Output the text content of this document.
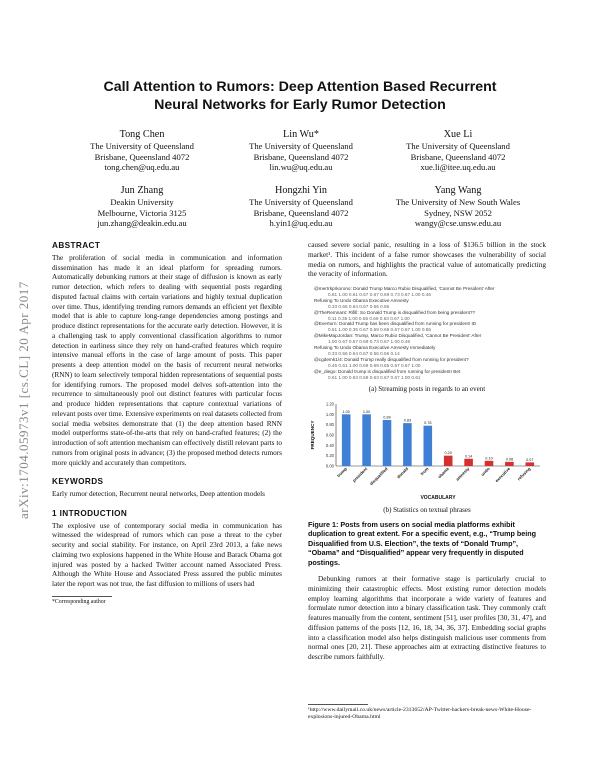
arXiv:1704.05973v1 [cs.CL] 20 Apr 2017
Call Attention to Rumors: Deep Attention Based Recurrent
Neural Networks for Early Rumor Detection
Tong Chen
The University of Queensland
Brisbane, Queensland 4072
tong.chen@uq.edu.au
Lin Wu*
The University of Queensland
Brisbane, Queensland 4072
lin.wu@uq.edu.au
Xue Li
The University of Queensland
Brisbane, Queensland 4072
xue.li@itee.uq.edu.au
Jun Zhang
Deakin University
Melbourne, Victoria 3125
jun.zhang@deakin.edu.au
Hongzhi Yin
The University of Queensland
Brisbane, Queensland 4072
h.yin1@uq.edu.au
Yang Wang
The University of New South Wales
Sydney, NSW 2052
wangy@cse.unsw.edu.au
ABSTRACT

The proliferation of social media in communication and information dissemination has made it an ideal platform for spreading rumors. Automatically debunking rumors at their stage of diffusion is known as early rumor detection, which refers to dealing with sequential posts regarding disputed factual claims with certain variations and highly textual duplication over time. Thus, identifying trending rumors demands an efficient yet flexible model that is able to capture long-range dependencies among postings and produce distinct representations for the accurate early detection. However, it is a challenging task to apply conventional classification algorithms to rumor detection in earliness since they rely on hand-crafted features which require intensive manual efforts in the case of large amount of posts. This paper presents a deep attention model on the basis of recurrent neural networks (RNN) to learn selectively temporal hidden representations of sequential posts for identifying rumors. The proposed model delves soft-attention into the recurrence to simultaneously pool out distinct features with particular focus and produce hidden representations that capture contextual variations of relevant posts over time. Extensive experiments on real datasets collected from social media websites demonstrate that (1) the deep attention based RNN model outperforms state-of-the-arts that rely on hand-crafted features; (2) the introduction of soft attention mechanism can effectively distill relevant parts to rumors from original posts in advance; (3) the proposed method detects rumors more quickly and accurately than competitors.

KEYWORDS

Early rumor detection, Recurrent neural networks, Deep attention models

1 INTRODUCTION

The explosive use of contemporary social media in communication has witnessed the widespread of rumors which can pose a threat to the cyber security and social stability. For instance, on April 23rd 2013, a fake news claiming two explosions happened in the White House and Barack Obama got injured was posted by a hacked Twitter account named Associated Press. Although the White House and Associated Press assured the public minutes later the report was not true, the fast diffusion to millions of users had

*Corresponding author

caused severe social panic, resulting in a loss of $136.5 billion in the stock market¹. This incident of a false rumor showcases the vulnerability of social media on rumors, and highlights the practical value of automatically predicting the veracity of information.

@mertrkprkorono: Donald Trump Marco Rubio Disqualified, 'Cannot Be President' After
0.81 1.00 0.61 0.67 0.67 0.69 0.73 0.67 1.00 0.46
Refusing To Undo Obama Executive Amnesty
0.33 0.56 0.64 0.67 0.56 0.56
@TheRemnant: Rifill: So Donald Trump is disqualified from being president??
0.11 0.35 1.00 0.65 0.69 0.63 0.67 1.00
@Everturn: Donald Trump has been disqualified from running for president! ID
0.61 1.00 0.35 0.67 0.69 0.69 0.67 0.67 1.00 0.65
@MikeMapJordan: Trump, Marco Rubio Disqualified, 'Cannot Be President' After
1.00 0.67 0.67 0.69 0.73 0.67 1.00 0.46
Refusing To Undo Obama Executive Amnesty Immediately
0.33 0.56 0.64 0.67 0.56 0.56 0.14
@cgdemk1/4: Donald Trump really disqualified from running for president?
0.45 0.61 1.00 0.69 0.69 0.65 0.67 0.67 1.00
@e_diego: Donald trump is disqualified from running for president! Bet
0.61 1.00 0.63 0.69 0.63 0.67 0.67 1.00 0.61
(a) Streaming posts in regards to an event
0.00
0.20
0.40
0.60
0.80
1.00
1.20
1.00
trump
1.00
president
0.89
disqualified
0.83
donald
0.78
from
0.20
obama
0.14
amnesty
0.10
undo
0.08
executive
0.07
refusing
VOCABULARY
FREQUENCY
(b) Statistics on textual phrases
Figure 1: Posts from users on social media platforms exhibit duplication to great extent. For a specific event, e.g., “Trump being Disqualified from U.S. Election”, the texts of “Donald Trump”, “Obama” and “Disqualified” appear very frequently in disputed postings.

Debunking rumors at their formative stage is particularly crucial to minimizing their catastrophic effects. Most existing rumor detection models employ learning algorithms that incorporate a wide variety of features and formulate rumor detection into a binary classification task. They commonly craft features manually from the content, sentiment [51], user profiles [30, 31, 47], and diffusion patterns of the posts [12, 16, 18, 34, 36, 37]. Embedding social graphs into a classification model also helps distinguish malicious user comments from normal ones [20, 21]. These approaches aim at extracting distinctive features to describe rumors faithfully.

¹http://www.dailymail.co.uk/news/article-2313652/AP-Twitter-hackers-break-news-White-House-explosions-injured-Obama.html
